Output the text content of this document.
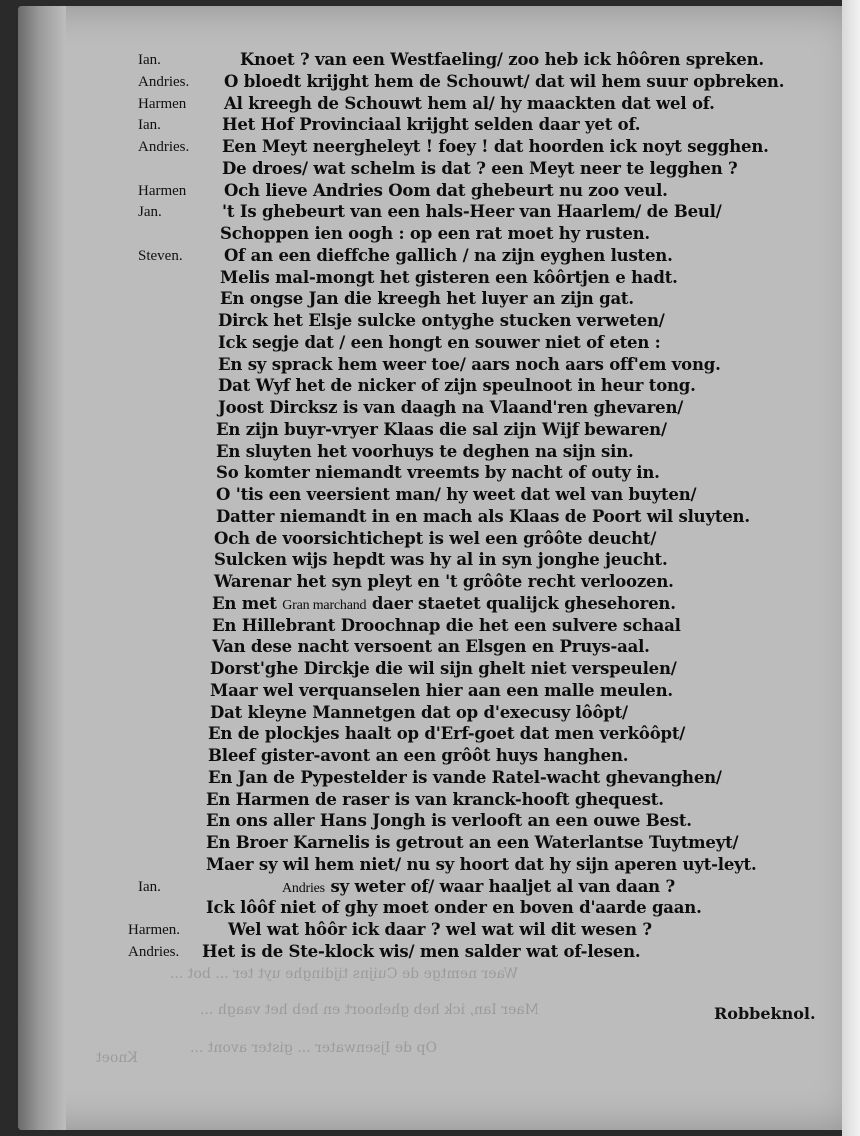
Waer nemtge de Cuijns tijdinghe uyt ter ... bot ...
Maer Ian, ick heb ghehoort en heb het vaagh ...
Op de Ijsenwater ... gister avont ...
Knoet
Ian.	Knoet ? van een Westfaeling/ zoo heb ick hôôren spreken.
Andries. O bloedt krijght hem de Schouwt/ dat wil hem suur opbreken.
Harmen Al kreegh de Schouwt hem al/ hy maackten dat wel of.
Ian.	Het Hof Provinciaal krijght selden daar yet of.
Andries. Een Meyt neergheleyt ! foey ! dat hoorden ick noyt segghen.
De droes/ wat schelm is dat ? een Meyt neer te legghen ?
Harmen Och lieve Andries Oom dat ghebeurt nu zoo veul.
Jan.	't Is ghebeurt van een hals-Heer van Haarlem/ de Beul/
Schoppen ien oogh : op een rat moet hy rusten.
Steven.	Of an een dieffche gallich / na zijn eyghen lusten.
Melis mal-mongt het gisteren een kôôrtjen e hadt.
En ongse Jan die kreegh het luyer an zijn gat.
Dirck het Elsje sulcke ontyghe stucken verweten/
Ick segje dat / een hongt en souwer niet of eten :
En sy sprack hem weer toe/ aars noch aars off'em vong.
Dat Wyf het de nicker of zijn speulnoot in heur tong.
Joost Dircksz is van daagh na Vlaand'ren ghevaren/
En zijn buyr-vryer Klaas die sal zijn Wijf bewaren/
En sluyten het voorhuys te deghen na sijn sin.
So komter niemandt vreemts by nacht of outy in.
O 'tis een veersient man/ hy weet dat wel van buyten/
Datter niemandt in en mach als Klaas de Poort wil sluyten.
Och de voorsichtichept is wel een grôôte deucht/
Sulcken wijs hepdt was hy al in syn jonghe jeucht.
Warenar het syn pleyt en 't grôôte recht verloozen.
En met Gran marchand daer staetet qualijck ghesehoren.
En Hillebrant Droochnap die het een sulvere schaal
Van dese nacht versoent an Elsgen en Pruys-aal.
Dorst'ghe Dirckje die wil sijn ghelt niet verspeulen/
Maar wel verquanselen hier aan een malle meulen.
Dat kleyne Mannetgen dat op d'execusy lôôpt/
En de plockjes haalt op d'Erf-goet dat men verkôôpt/
Bleef gister-avont an een grôôt huys hanghen.
En Jan de Pypestelder is vande Ratel-wacht ghevanghen/
En Harmen de raser is van kranck-hooft ghequest.
En ons aller Hans Jongh is verlooft an een ouwe Best.
En Broer Karnelis is getrout an een Waterlantse Tuytmeyt/
Maer sy wil hem niet/ nu sy hoort dat hy sijn aperen uyt-leyt.
Ian.	Andries sy weter of/ waar haaljet al van daan ?
Ick lôôf niet of ghy moet onder en boven d'aarde gaan.
Harmen.	Wel wat hôôr ick daar ? wel wat wil dit wesen ?
Andries. Het is de Ste-klock wis/ men salder wat of-lesen.
Robbeknol.
